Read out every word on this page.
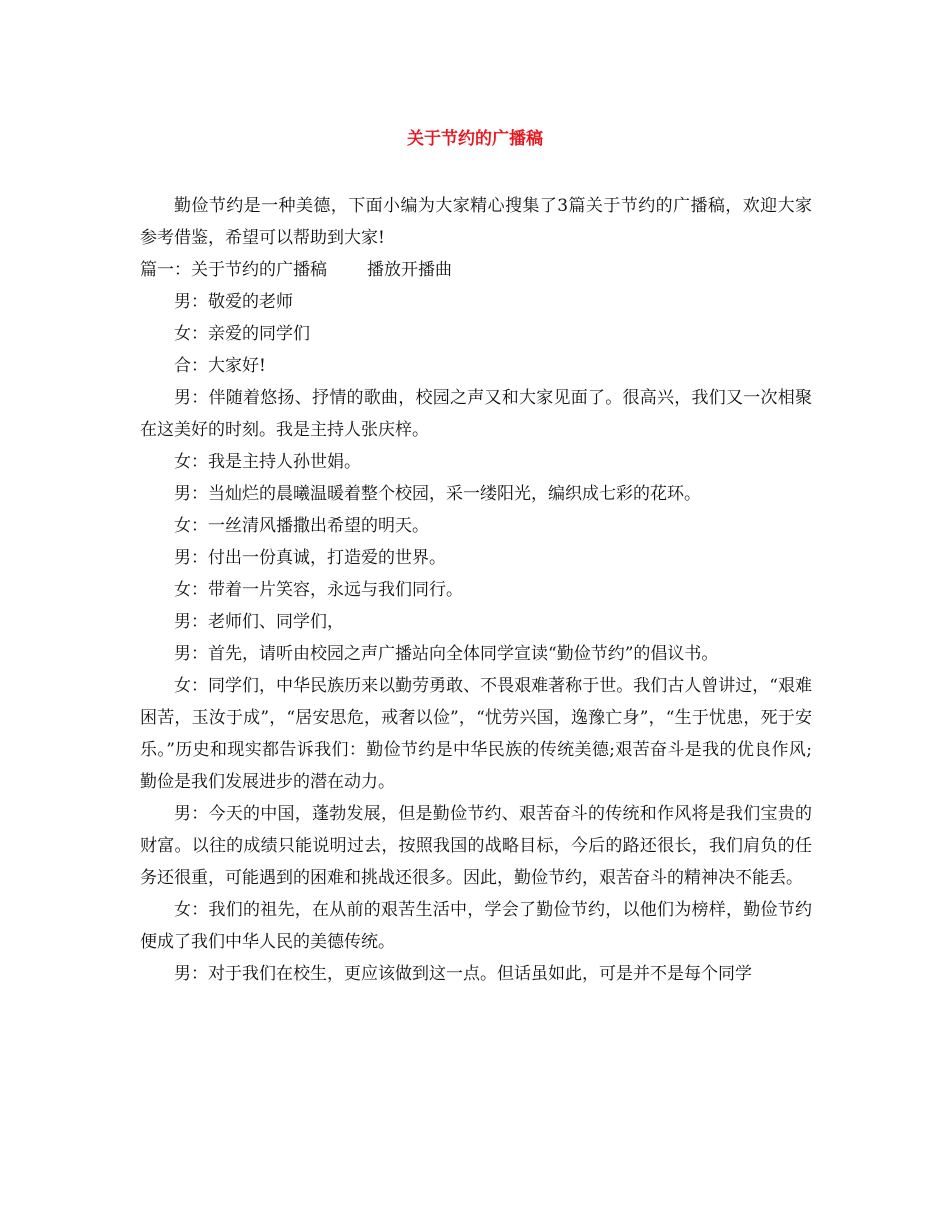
关于节约的广播稿

勤俭节约是一种美德，下面小编为大家精心搜集了3篇关于节约的广播稿，欢迎大家参考借鉴，希望可以帮助到大家!

篇一：关于节约的广播稿 播放开播曲

男：敬爱的老师

女：亲爱的同学们

合：大家好!

男：伴随着悠扬、抒情的歌曲，校园之声又和大家见面了。很高兴，我们又一次相聚在这美好的时刻。我是主持人张庆梓。

女：我是主持人孙世娟。

男：当灿烂的晨曦温暖着整个校园，采一缕阳光，编织成七彩的花环。

女：一丝清风播撒出希望的明天。

男：付出一份真诚，打造爱的世界。

女：带着一片笑容，永远与我们同行。

男：老师们、同学们，

男：首先，请听由校园之声广播站向全体同学宣读“勤俭节约”的倡议书。

女：同学们，中华民族历来以勤劳勇敢、不畏艰难著称于世。我们古人曾讲过，“艰难困苦，玉汝于成”，“居安思危，戒奢以俭”，“忧劳兴国，逸豫亡身”，“生于忧患，死于安乐。”历史和现实都告诉我们：勤俭节约是中华民族的传统美德;艰苦奋斗是我的优良作风;勤俭是我们发展进步的潜在动力。

男：今天的中国，蓬勃发展，但是勤俭节约、艰苦奋斗的传统和作风将是我们宝贵的财富。以往的成绩只能说明过去，按照我国的战略目标，今后的路还很长，我们肩负的任务还很重，可能遇到的困难和挑战还很多。因此，勤俭节约，艰苦奋斗的精神决不能丢。

女：我们的祖先，在从前的艰苦生活中，学会了勤俭节约，以他们为榜样，勤俭节约便成了我们中华人民的美德传统。

男：对于我们在校生，更应该做到这一点。但话虽如此，可是并不是每个同学
